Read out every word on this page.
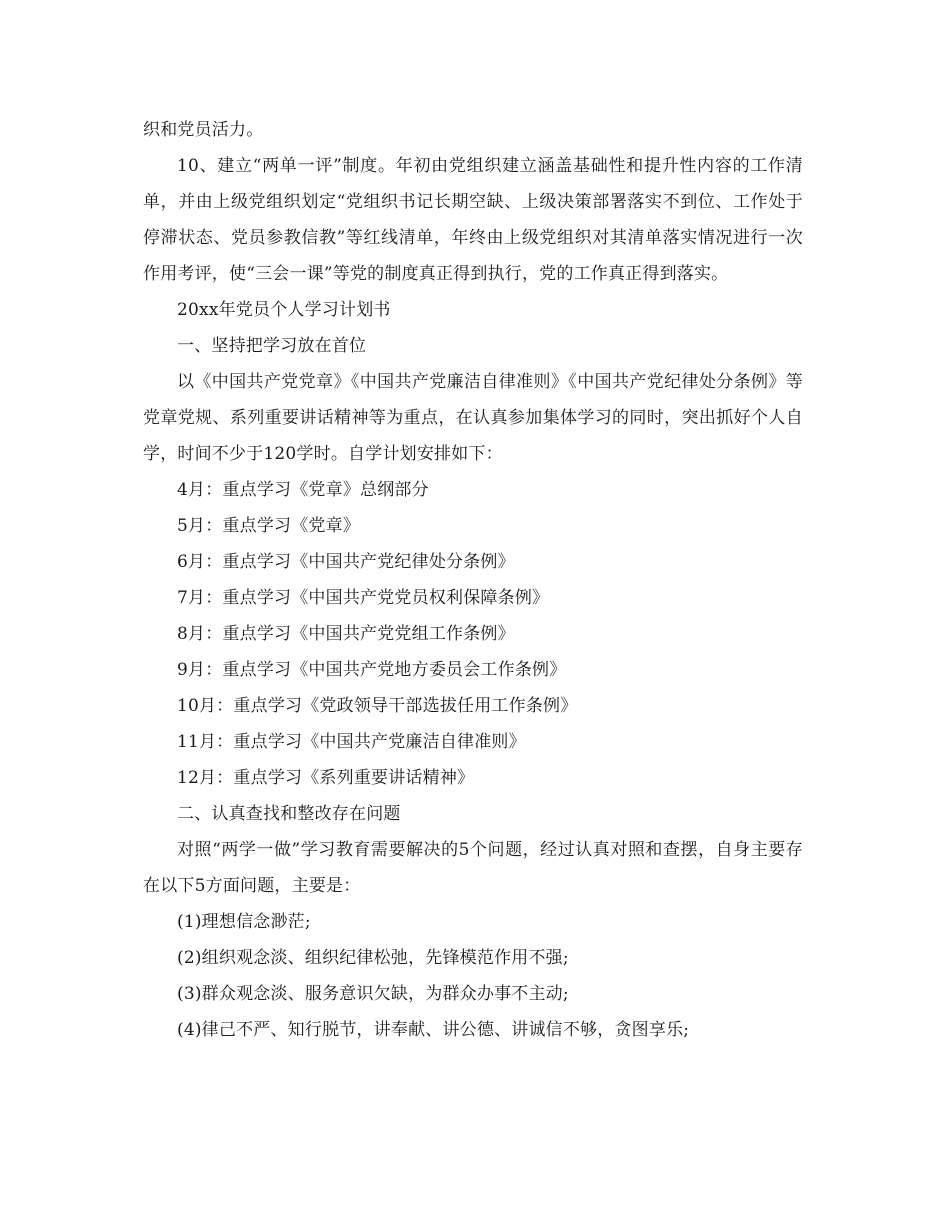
织和党员活力。

10、建立“两单一评”制度。年初由党组织建立涵盖基础性和提升性内容的工作清单，并由上级党组织划定“党组织书记长期空缺、上级决策部署落实不到位、工作处于停滞状态、党员参教信教”等红线清单，年终由上级党组织对其清单落实情况进行一次作用考评，使“三会一课”等党的制度真正得到执行，党的工作真正得到落实。

20xx年党员个人学习计划书

一、坚持把学习放在首位

以《中国共产党党章》《中国共产党廉洁自律准则》《中国共产党纪律处分条例》等党章党规、系列重要讲话精神等为重点，在认真参加集体学习的同时，突出抓好个人自学，时间不少于120学时。自学计划安排如下：

4月：重点学习《党章》总纲部分

5月：重点学习《党章》

6月：重点学习《中国共产党纪律处分条例》

7月：重点学习《中国共产党党员权利保障条例》

8月：重点学习《中国共产党党组工作条例》

9月：重点学习《中国共产党地方委员会工作条例》

10月：重点学习《党政领导干部选拔任用工作条例》

11月：重点学习《中国共产党廉洁自律准则》

12月：重点学习《系列重要讲话精神》

二、认真查找和整改存在问题

对照“两学一做”学习教育需要解决的5个问题，经过认真对照和查摆，自身主要存在以下5方面问题，主要是：

(1)理想信念渺茫;

(2)组织观念淡、组织纪律松弛，先锋模范作用不强;

(3)群众观念淡、服务意识欠缺，为群众办事不主动;

(4)律己不严、知行脱节，讲奉献、讲公德、讲诚信不够，贪图享乐;
